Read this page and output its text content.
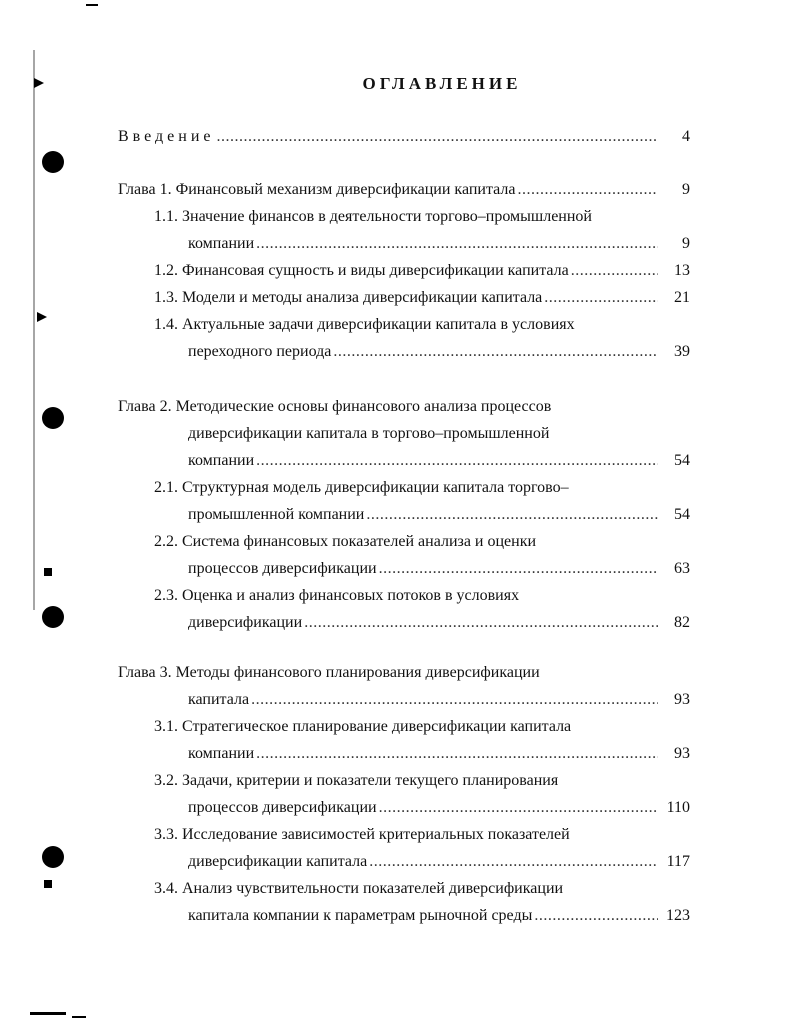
ОГЛАВЛЕНИЕ
Введение .....	4
Глава 1. Финансовый механизм диверсификации капитала .....	9
1.1. Значение финансов в деятельности торгово–промышленной
компании .....	9
1.2. Финансовая сущность и виды диверсификации капитала .....	13
1.3. Модели и методы анализа диверсификации капитала .....	21
1.4. Актуальные задачи диверсификации капитала в условиях
переходного периода .....	39
Глава 2. Методические основы финансового анализа процессов
диверсификации капитала в торгово–промышленной
компании .....	54
2.1. Структурная модель диверсификации капитала торгово–
промышленной компании .....	54
2.2. Система финансовых показателей анализа и оценки
процессов диверсификации .....	63
2.3. Оценка и анализ финансовых потоков в условиях
диверсификации .....	82
Глава 3. Методы финансового планирования диверсификации
капитала .....	93
3.1. Стратегическое планирование диверсификации капитала
компании .....	93
3.2. Задачи, критерии и показатели текущего планирования
процессов диверсификации .....	110
3.3. Исследование зависимостей критериальных показателей
диверсификации капитала .....	117
3.4. Анализ чувствительности показателей диверсификации
капитала компании к параметрам рыночной среды .....	123
